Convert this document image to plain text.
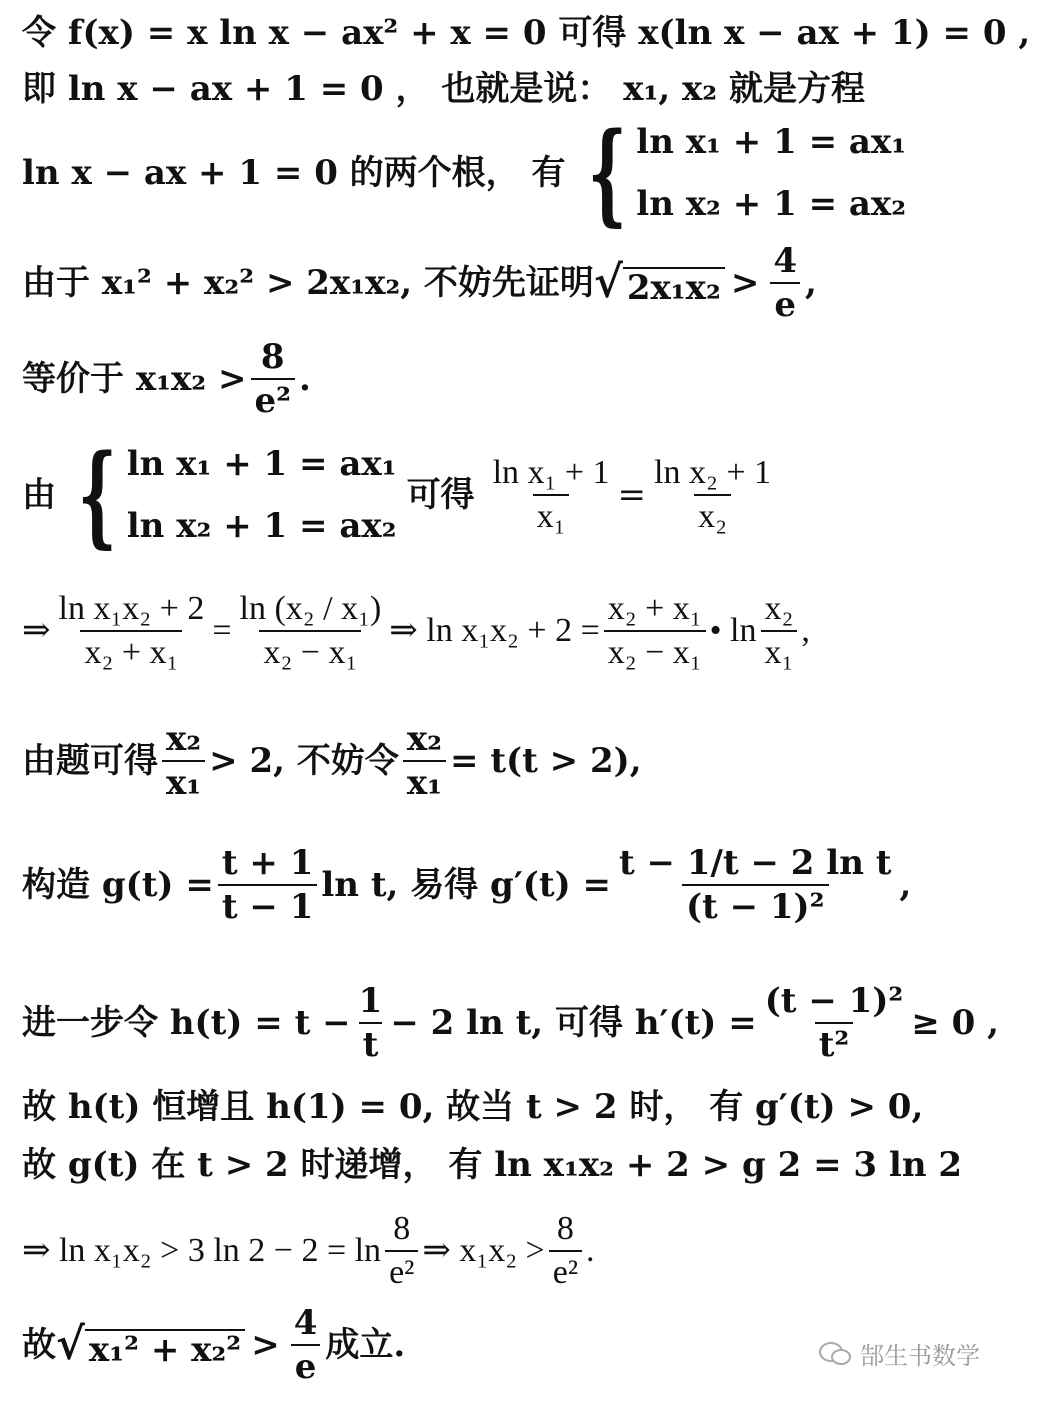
令 f(x) = x ln x − ax² + x = 0 可得 x(ln x − ax + 1) = 0 ,
即 ln x − ax + 1 = 0 ， 也就是说： x₁, x₂ 就是方程
ln x − ax + 1 = 0 的两个根， 有 { ln x₁ + 1 = ax₁
ln x₂ + 1 = ax₂
由于 x₁² + x₂² > 2x₁x₂, 不妨先证明 √ $2x_1x_2 > \frac{4}{e}$ ,
等价于 $x_1x_2 > \frac{8}{\text{e²}}$ .
由 { ln x₁ + 1 = ax₁
ln x₂ + 1 = ax₂
可得 $\frac{\text{ln x₁ + 1}}{\text{x₁}} = \frac{\text{ln x₂ + 1}}{\text{x₂}}$
⇒ $\frac{\text{ln x₁x₂ + 2}}{\text{x₂ + x₁}} = \frac{\text{ln (x₂ / x₁)}}{\text{x₂ − x₁}}$ ⇒ $\ln x_1x_2 + 2 = \frac{\text{x₂ + x₁}}{\text{x₂ − x₁}}$ • $\ln \frac{\text{x₂}}{\text{x₁}}$ ,
由题可得 $\frac{\text{x₂}}{\text{x₁}} > 2$, 不妨令 $\frac{\text{x₂}}{\text{x₁}} = t(t > 2)$,
构造 $g(t) = \frac{t + 1}{t - 1}$ ln t, 易得 $g'(t) = \frac{\text{t − 1/t − 2 ln t}}{\text{(t − 1)²}}$ ,
进一步令 $h(t) = t - \frac{1}{t} - 2$ ln t, 可得 $h'(t) = \frac{\text{(t − 1)²}}{\text{t²}} \ge 0$ ,
故 h(t) 恒增且 h(1) = 0, 故当 t > 2 时， 有 g′(t) > 0,
故 g(t) 在 t > 2 时递增， 有 ln x₁x₂ + 2 > g 2 = 3 ln 2
⇒ ln x₁x₂ > 3 $\ln 2 - 2 = \ln \frac{8}{\text{e²}}$ ⇒ $x_1x_2 > \frac{8}{\text{e²}}$ .
故 √ $x_1^2 + x_2^2 > \frac{4}{e}$ 成立.	郜生书数学
